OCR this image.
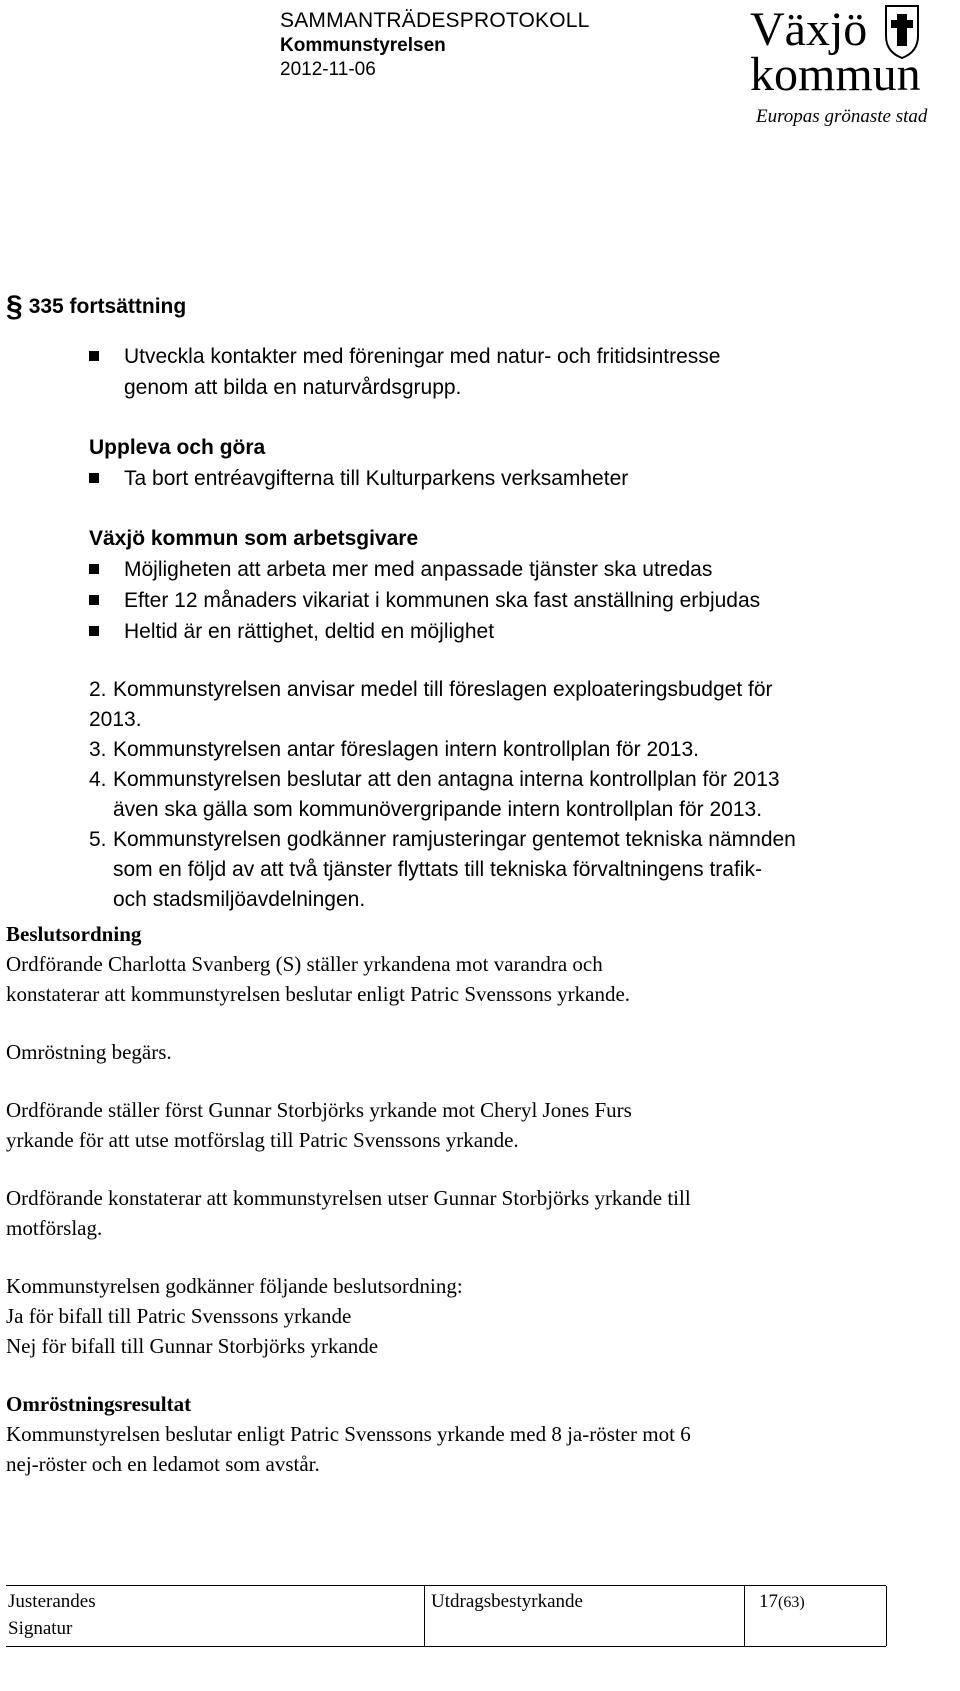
SAMMANTRÄDESPROTOKOLL
Kommunstyrelsen
2012-11-06
Växjö
kommun
Europas grönaste stad
§ 335 fortsättning
Utveckla kontakter med föreningar med natur- och fritidsintresse
genom att bilda en naturvårdsgrupp.
Uppleva och göra
Ta bort entréavgifterna till Kulturparkens verksamheter
Växjö kommun som arbetsgivare
Möjligheten att arbeta mer med anpassade tjänster ska utredas
Efter 12 månaders vikariat i kommunen ska fast anställning erbjudas
Heltid är en rättighet, deltid en möjlighet
2. Kommunstyrelsen anvisar medel till föreslagen exploateringsbudget för
2013.
3. Kommunstyrelsen antar föreslagen intern kontrollplan för 2013.
4. Kommunstyrelsen beslutar att den antagna interna kontrollplan för 2013
även ska gälla som kommunövergripande intern kontrollplan för 2013.
5. Kommunstyrelsen godkänner ramjusteringar gentemot tekniska nämnden
som en följd av att två tjänster flyttats till tekniska förvaltningens trafik-
och stadsmiljöavdelningen.
Beslutsordning
Ordförande Charlotta Svanberg (S) ställer yrkandena mot varandra och
konstaterar att kommunstyrelsen beslutar enligt Patric Svenssons yrkande.
Omröstning begärs.
Ordförande ställer först Gunnar Storbjörks yrkande mot Cheryl Jones Furs
yrkande för att utse motförslag till Patric Svenssons yrkande.
Ordförande konstaterar att kommunstyrelsen utser Gunnar Storbjörks yrkande till
motförslag.
Kommunstyrelsen godkänner följande beslutsordning:
Ja för bifall till Patric Svenssons yrkande
Nej för bifall till Gunnar Storbjörks yrkande
Omröstningsresultat
Kommunstyrelsen beslutar enligt Patric Svenssons yrkande med 8 ja-röster mot 6
nej-röster och en ledamot som avstår.
Justerandes
Signatur
Utdragsbestyrkande	17(63)
